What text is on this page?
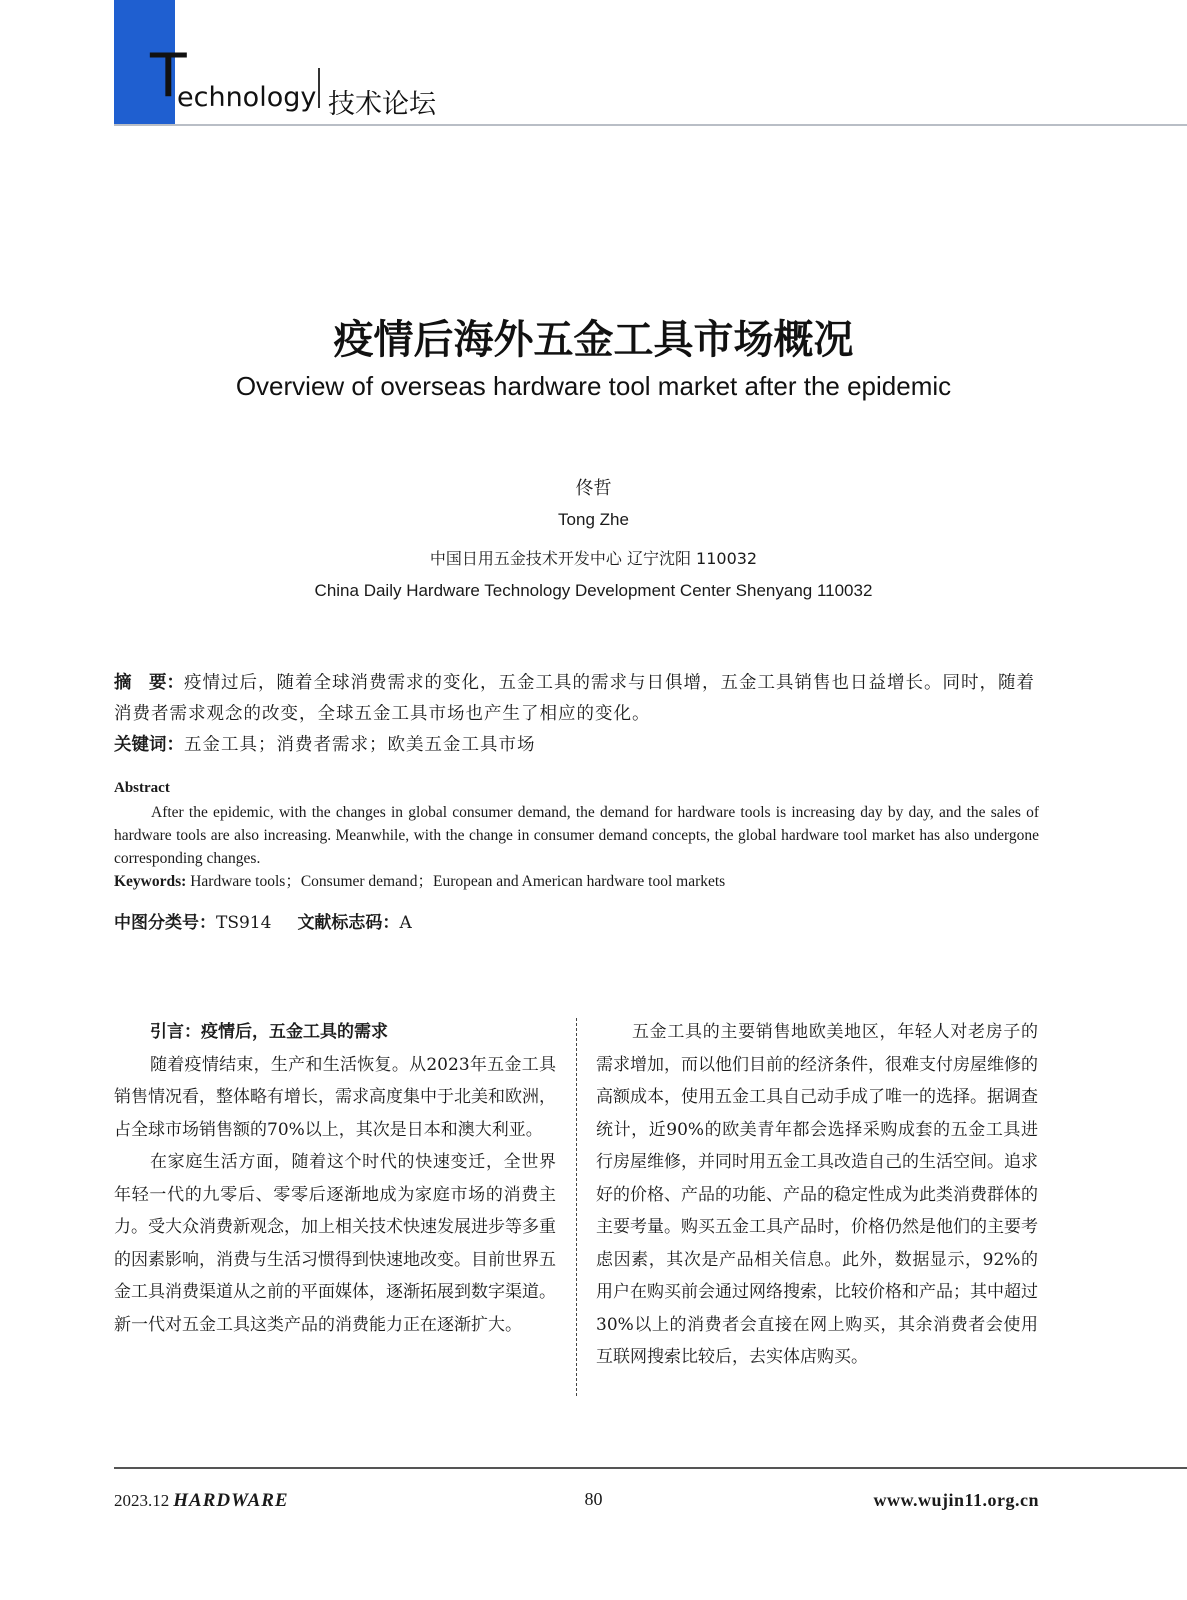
T
echnology 技术论坛
疫情后海外五金工具市场概况
Overview of overseas hardware tool market after the epidemic
佟哲
Tong Zhe
中国日用五金技术开发中心 辽宁沈阳 110032
China Daily Hardware Technology Development Center Shenyang 110032
摘　要：疫情过后，随着全球消费需求的变化，五金工具的需求与日俱增，五金工具销售也日益增长。同时，随着消费者需求观念的改变，全球五金工具市场也产生了相应的变化。
关键词：五金工具；消费者需求；欧美五金工具市场
Abstract
After the epidemic, with the changes in global consumer demand, the demand for hardware tools is increasing day by day, and the sales of hardware tools are also increasing. Meanwhile, with the change in consumer demand concepts, the global hardware tool market has also undergone corresponding changes.
Keywords: Hardware tools；Consumer demand；European and American hardware tool markets
中图分类号：TS914 文献标志码：A

引言：疫情后，五金工具的需求

随着疫情结束，生产和生活恢复。从2023年五金工具销售情况看，整体略有增长，需求高度集中于北美和欧洲，占全球市场销售额的70%以上，其次是日本和澳大利亚。

在家庭生活方面，随着这个时代的快速变迁，全世界年轻一代的九零后、零零后逐渐地成为家庭市场的消费主力。受大众消费新观念，加上相关技术快速发展进步等多重的因素影响，消费与生活习惯得到快速地改变。目前世界五金工具消费渠道从之前的平面媒体，逐渐拓展到数字渠道。新一代对五金工具这类产品的消费能力正在逐渐扩大。

五金工具的主要销售地欧美地区，年轻人对老房子的需求增加，而以他们目前的经济条件，很难支付房屋维修的高额成本，使用五金工具自己动手成了唯一的选择。据调查统计，近90%的欧美青年都会选择采购成套的五金工具进行房屋维修，并同时用五金工具改造自己的生活空间。追求好的价格、产品的功能、产品的稳定性成为此类消费群体的主要考量。购买五金工具产品时，价格仍然是他们的主要考虑因素，其次是产品相关信息。此外，数据显示，92%的用户在购买前会通过网络搜索，比较价格和产品；其中超过30%以上的消费者会直接在网上购买，其余消费者会使用互联网搜索比较后，去实体店购买。

2023.12 HARDWARE	80	www.wujin11.org.cn
